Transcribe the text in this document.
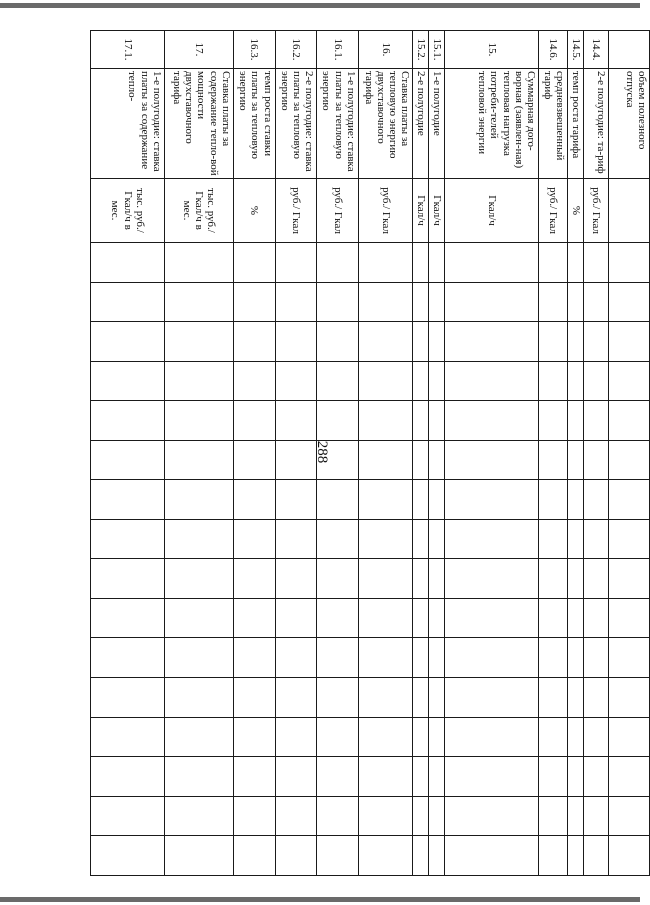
288
	объем полезного отпуска																	
14.4.	2-е полугодие: та-риф	руб./ Гкал																
14.5.	темп роста тарифа	%																
14.6.	средневзвешенный тариф	руб./ Гкал																
15.	Суммарная дого-ворная (заявлен-ная) тепловая нагрузка потреби-телей тепловой энергии	Гкал/ч																
15.1.	1-е полугодие	Гкал/ч																
15.2.	2-е полугодие	Гкал/ч																
16.	Ставка платы за тепловую энергию двухставочного тарифа	руб./ Гкал																
16.1.	1-е полугодие: ставка платы за тепловую энергию	руб./ Гкал																
16.2.	2-е полугодие: ставка платы за тепловую энергию	руб./ Гкал																
16.3.	темп роста ставки платы за тепловую энергию	%																
17.	Ставка платы за содержание тепло-вой мощности двухставочного тарифа	тыс. руб./ Гкал/ч в мес.																
17.1.	1-е полугодие: ставка платы за содержание тепло-	тыс. руб./ Гкал/ч в мес.																
